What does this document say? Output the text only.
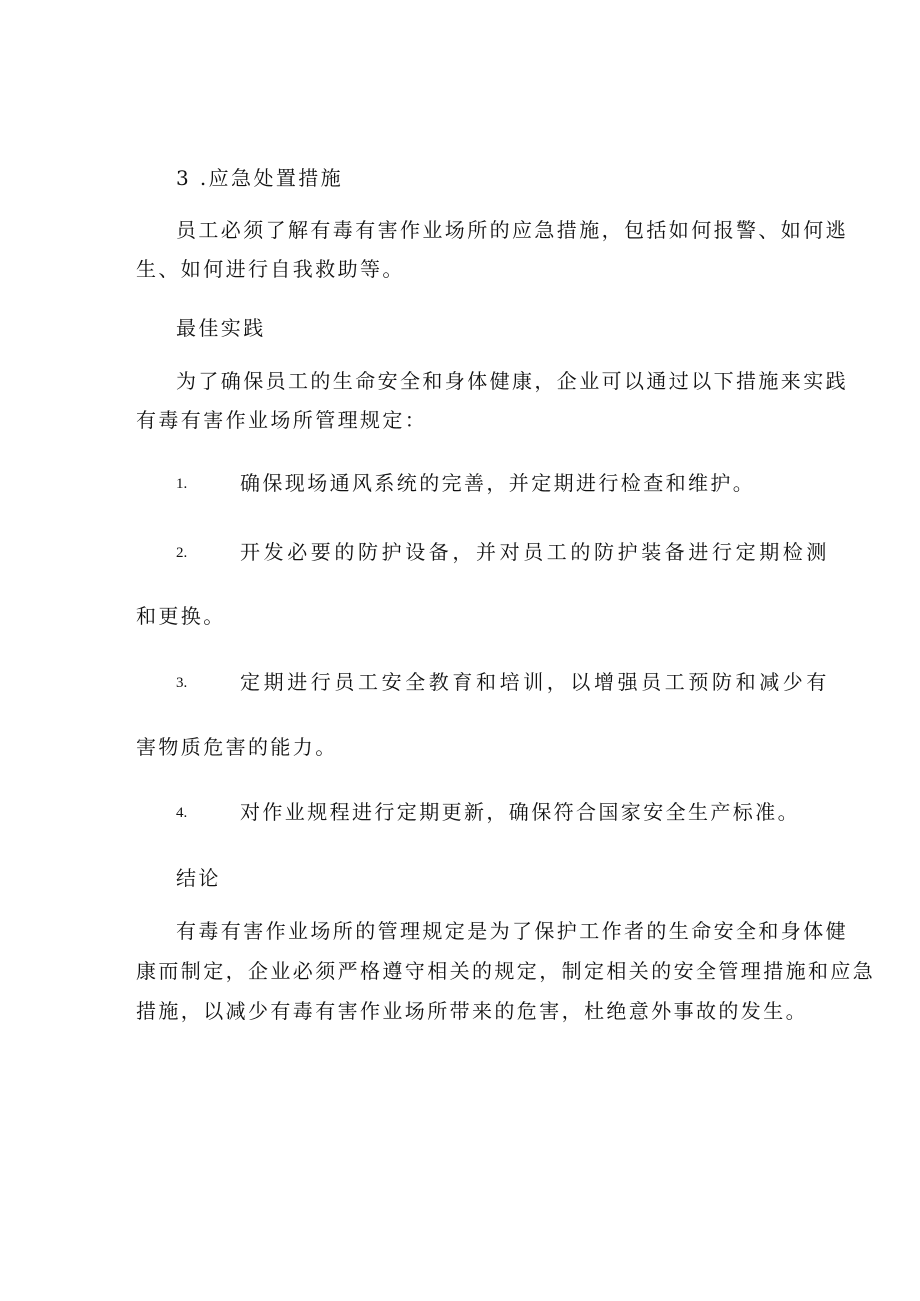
3 .应急处置措施
员工必须了解有毒有害作业场所的应急措施，包括如何报警、如何逃
生、如何进行自我救助等。
最佳实践
为了确保员工的生命安全和身体健康，企业可以通过以下措施来实践
有毒有害作业场所管理规定：
1.	确保现场通风系统的完善，并定期进行检查和维护。
2.	开发必要的防护设备，并对员工的防护装备进行定期检测
和更换。
3.	定期进行员工安全教育和培训，以增强员工预防和减少有
害物质危害的能力。
4.	对作业规程进行定期更新，确保符合国家安全生产标准。
结论
有毒有害作业场所的管理规定是为了保护工作者的生命安全和身体健
康而制定，企业必须严格遵守相关的规定，制定相关的安全管理措施和应急
措施，以减少有毒有害作业场所带来的危害，杜绝意外事故的发生。
